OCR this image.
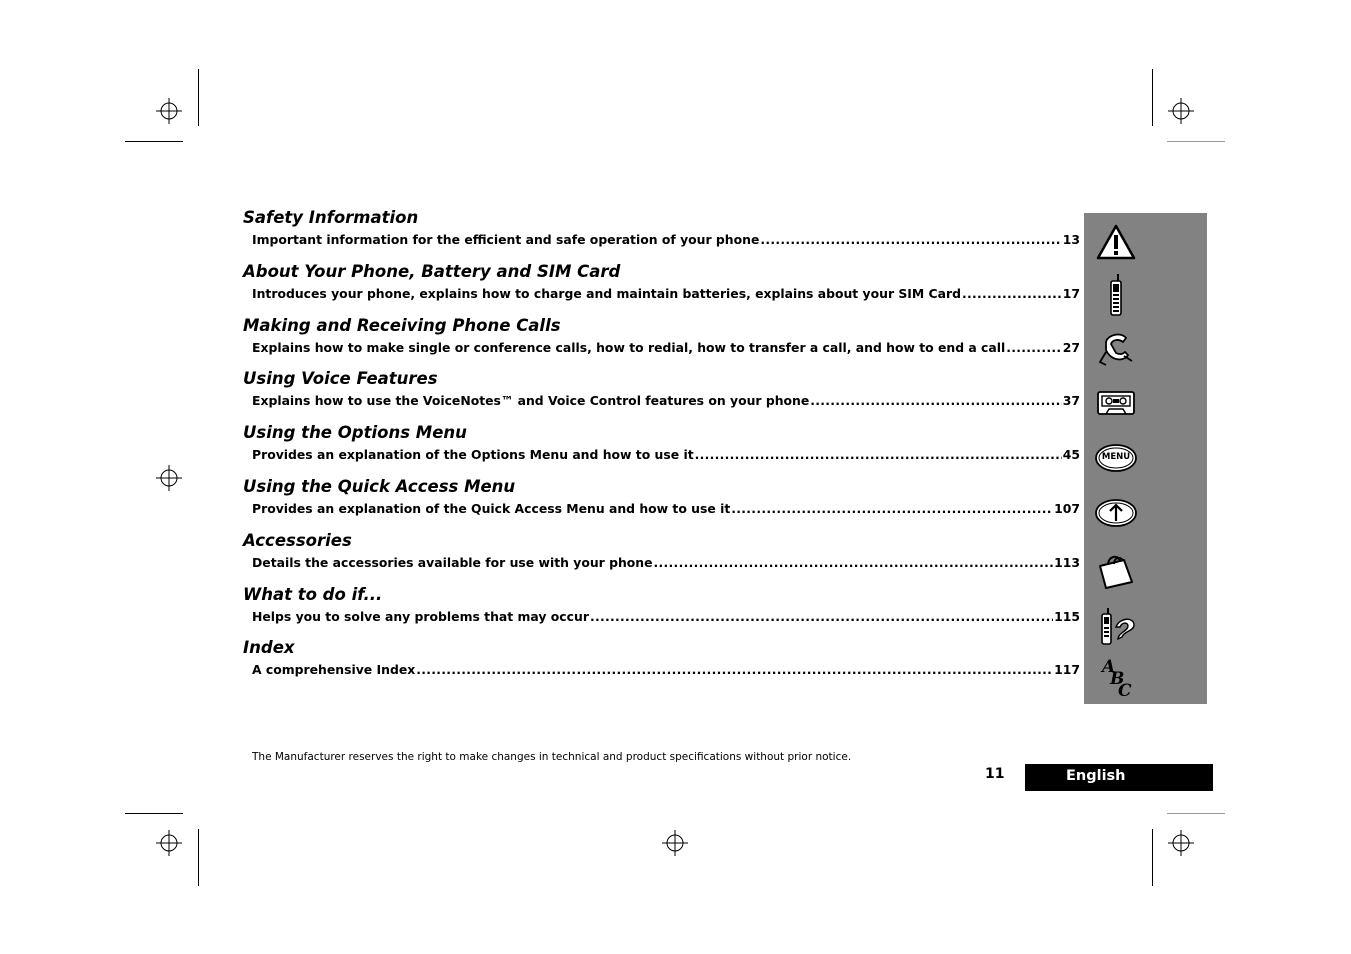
Safety Information
Important information for the efficient and safe operation of your phone .....	13
About Your Phone, Battery and SIM Card
Introduces your phone, explains how to charge and maintain batteries, explains about your SIM Card .....	17
Making and Receiving Phone Calls
Explains how to make single or conference calls, how to redial, how to transfer a call, and how to end a call .....	27
Using Voice Features
Explains how to use the VoiceNotes™ and Voice Control features on your phone .....	37
Using the Options Menu
Provides an explanation of the Options Menu and how to use it .....	45
Using the Quick Access Menu
Provides an explanation of the Quick Access Menu and how to use it .....	107
Accessories
Details the accessories available for use with your phone .....	113
What to do if...
Helps you to solve any problems that may occur .....	115
Index
A comprehensive Index .....	117
MENU
A
B
C
The Manufacturer reserves the right to make changes in technical and product specifications without prior notice.
11	English
